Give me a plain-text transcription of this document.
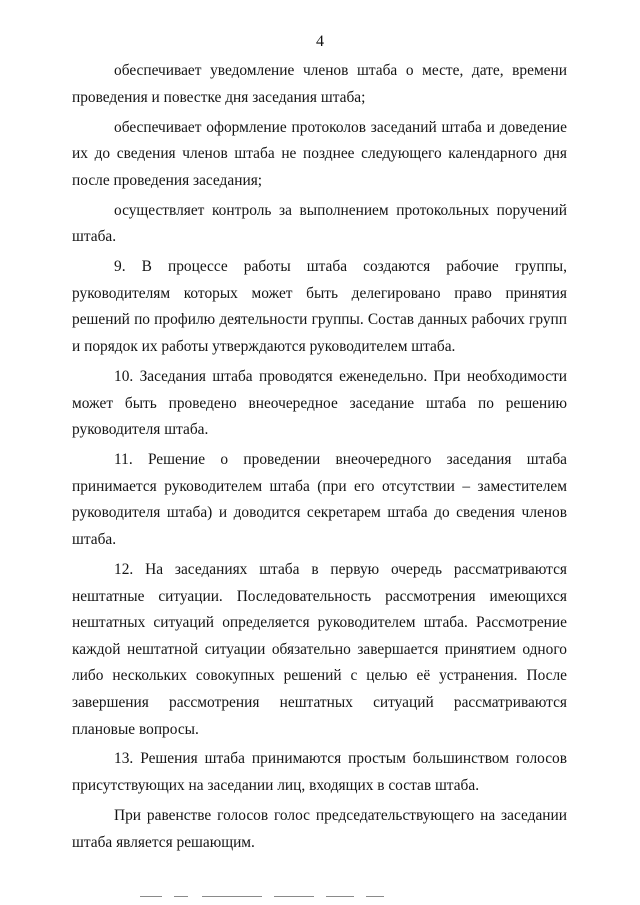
4

обеспечивает уведомление членов штаба о месте, дате, времени проведения и повестке дня заседания штаба;

обеспечивает оформление протоколов заседаний штаба и доведение их до сведения членов штаба не позднее следующего календарного дня после проведения заседания;

осуществляет контроль за выполнением протокольных поручений штаба.

9. В процессе работы штаба создаются рабочие группы, руководителям которых может быть делегировано право принятия решений по профилю деятельности группы. Состав данных рабочих групп и порядок их работы утверждаются руководителем штаба.

10. Заседания штаба проводятся еженедельно. При необходимости может быть проведено внеочередное заседание штаба по решению руководителя штаба.

11. Решение о проведении внеочередного заседания штаба принимается руководителем штаба (при его отсутствии – заместителем руководителя штаба) и доводится секретарем штаба до сведения членов штаба.

12. На заседаниях штаба в первую очередь рассматриваются нештатные ситуации. Последовательность рассмотрения имеющихся нештатных ситуаций определяется руководителем штаба. Рассмотрение каждой нештатной ситуации обязательно завершается принятием одного либо нескольких совокупных решений с целью её устранения. После завершения рассмотрения нештатных ситуаций рассматриваются плановые вопросы.

13. Решения штаба принимаются простым большинством голосов присутствующих на заседании лиц, входящих в состав штаба.

При равенстве голосов голос председательствующего на заседании штаба является решающим.
